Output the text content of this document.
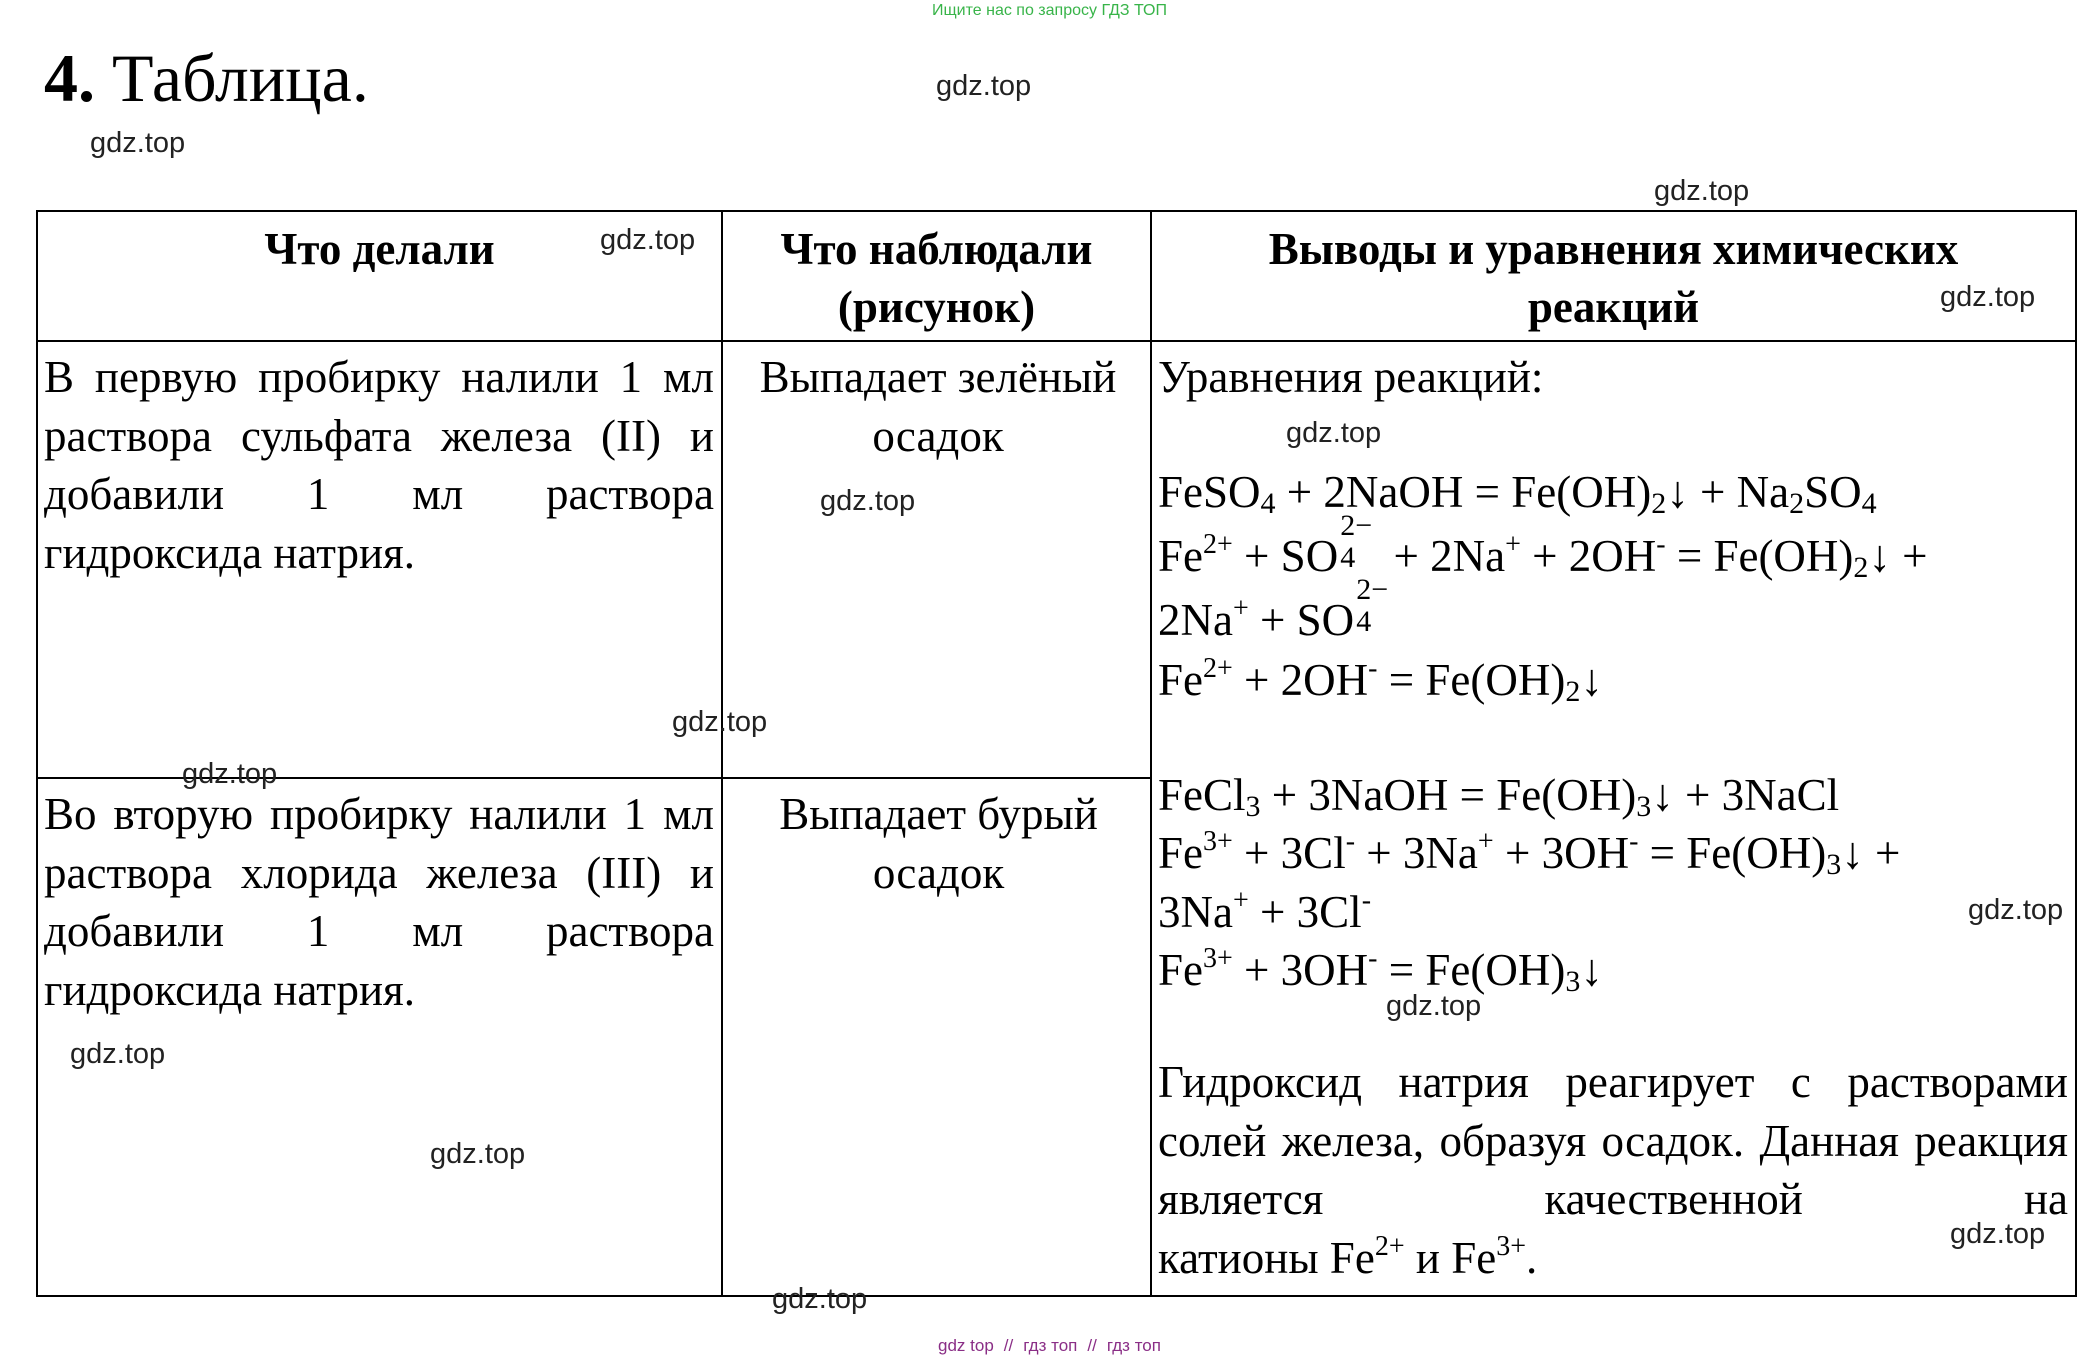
Ищите нас по запросу ГДЗ ТОП
4. Таблица.
Что делали	Что наблюдали
(рисунок)
Выводы и уравнения химических
реакций
В первую пробирку налили 1 мл раствора сульфата железа (II) и добавили 1 мл раствора гидроксида натрия.
Выпадает зелёный осадок
Во вторую пробирку налили 1 мл раствора хлорида железа (III) и добавили 1 мл раствора гидроксида натрия.
Выпадает бурый осадок
Уравнения реакций:
FeSO$_4$ + 2NaOH = $Fe(OH)_2↓ + Na_2SO_4$
$Fe^{2+}$ + SO
2−
$4 + 2Na^+ + 2OH^- = Fe(OH)_2↓$ +
2Na+ + SO
2−
4
$Fe^{2+} + 2OH^-$ = $Fe(OH)_2↓$
FeCl$_3$ + 3NaOH = $Fe(OH)_3↓$ + 3NaCl
$Fe^{3+} + 3Cl^- + 3Na^+ + 3OH^-$ = $Fe(OH)_3↓$ +
3Na+ + 3Cl-
$Fe^{3+} + 3OH^-$ = $Fe(OH)_3↓$
Гидроксид натрия реагирует с растворами солей железа, образуя осадок. Данная реакция является качественной на
катионы $Fe^{2+}$ и $Fe^{3+}$.
gdz.top
gdz.top
gdz.top
gdz.top
gdz.top
gdz.top
gdz.top
gdz.top
gdz.top
gdz.top
gdz.top
gdz.top
gdz.top
gdz.top
gdz.top
gdz top // гдз топ // гдз топ
